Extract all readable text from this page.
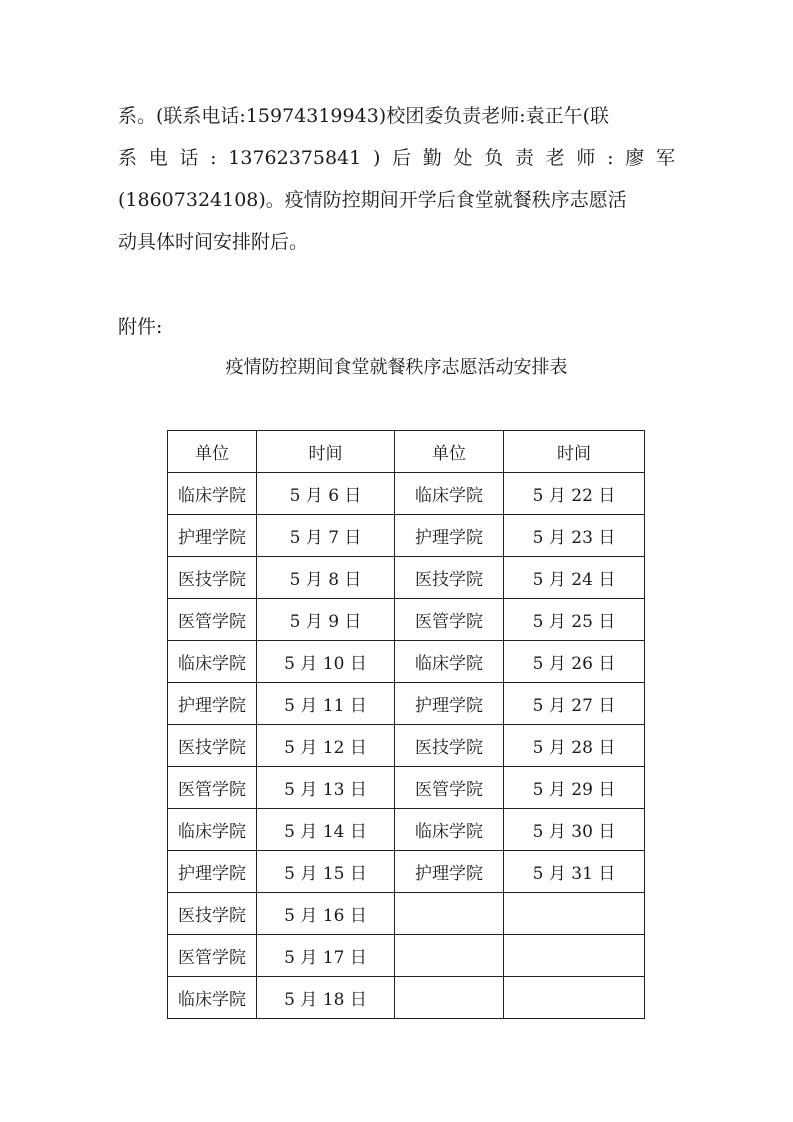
系。(联系电话:15974319943)校团委负责老师:袁正午(联

系 电 话 : 13762375841 ) 后 勤 处 负 责 老 师 : 廖 军

(18607324108)。疫情防控期间开学后食堂就餐秩序志愿活

动具体时间安排附后。

附件:

疫情防控期间食堂就餐秩序志愿活动安排表

单位	时间	单位	时间
临床学院	5 月 6 日	临床学院	5 月 22 日
护理学院	5 月 7 日	护理学院	5 月 23 日
医技学院	5 月 8 日	医技学院	5 月 24 日
医管学院	5 月 9 日	医管学院	5 月 25 日
临床学院	5 月 10 日	临床学院	5 月 26 日
护理学院	5 月 11 日	护理学院	5 月 27 日
医技学院	5 月 12 日	医技学院	5 月 28 日
医管学院	5 月 13 日	医管学院	5 月 29 日
临床学院	5 月 14 日	临床学院	5 月 30 日
护理学院	5 月 15 日	护理学院	5 月 31 日
医技学院	5 月 16 日		
医管学院	5 月 17 日		
临床学院	5 月 18 日		
